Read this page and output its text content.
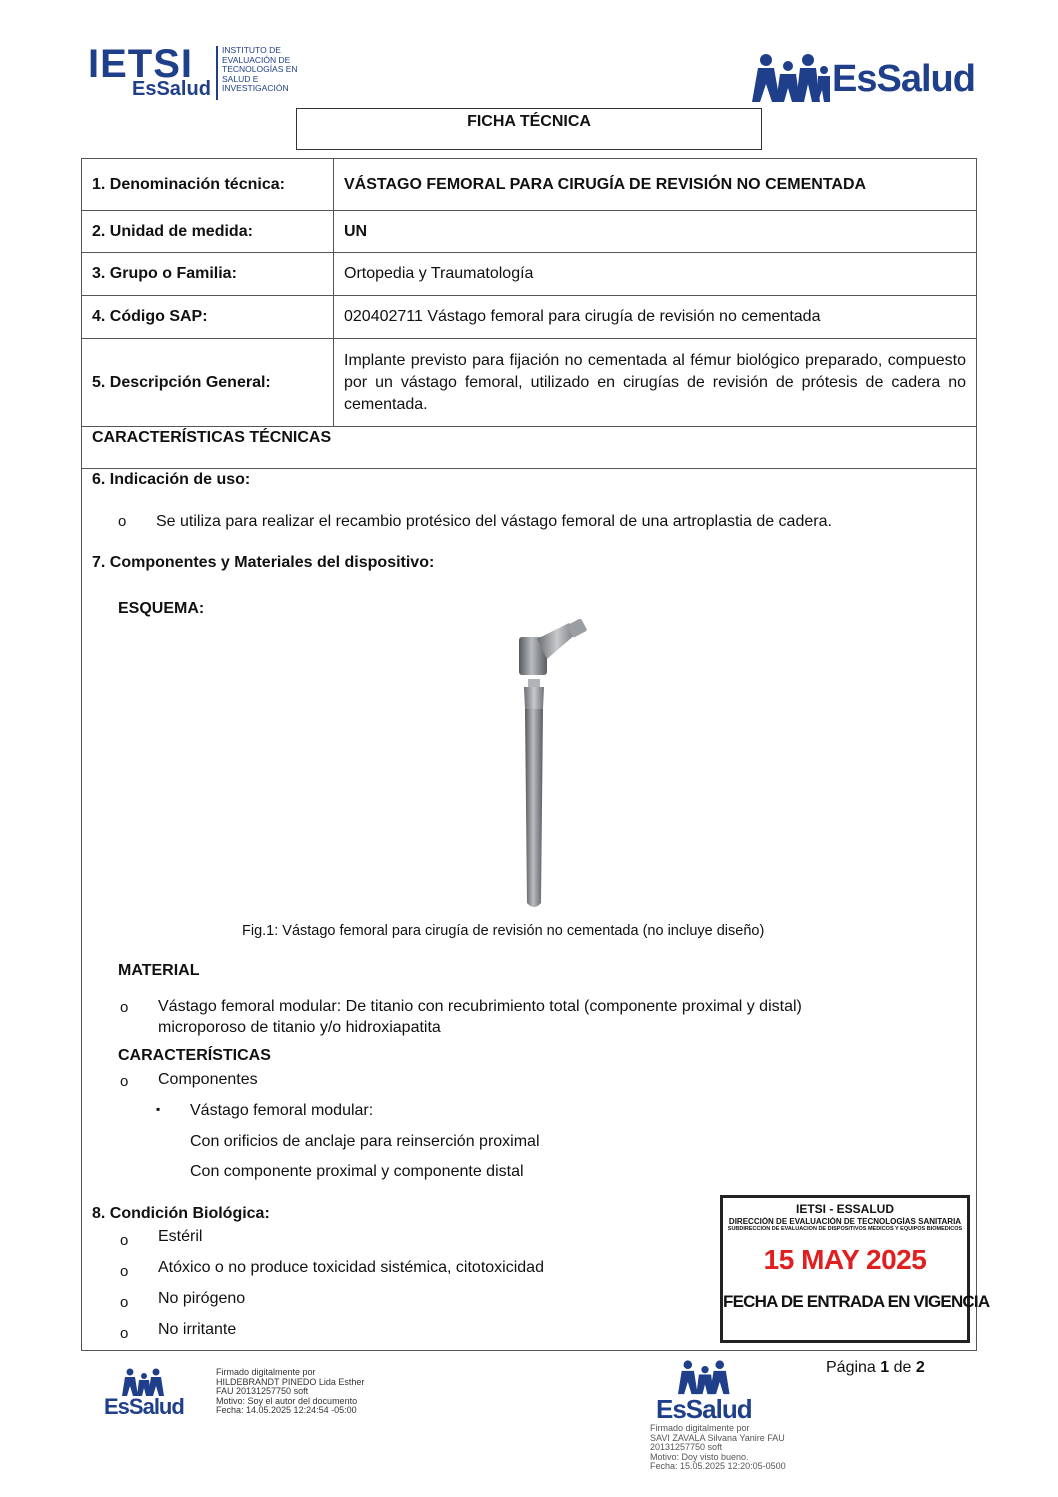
IETSI
EsSalud
INSTITUTO DE
EVALUACIÓN DE
TECNOLOGÍAS EN
SALUD E
INVESTIGACIÓN	EsSalud
FICHA TÉCNICA
1. Denominación técnica:	VÁSTAGO FEMORAL PARA CIRUGÍA DE REVISIÓN NO CEMENTADA
2. Unidad de medida:	UN
3. Grupo o Familia:	Ortopedia y Traumatología
4. Código SAP:	020402711 Vástago femoral para cirugía de revisión no cementada
5. Descripción General:
Implante previsto para fijación no cementada al fémur biológico preparado, compuesto por un vástago femoral, utilizado en cirugías de revisión de prótesis de cadera no cementada.
CARACTERÍSTICAS TÉCNICAS
6. Indicación de uso:
o Se utiliza para realizar el recambio protésico del vástago femoral de una artroplastia de cadera.
7. Componentes y Materiales del dispositivo:
ESQUEMA:
Fig.1: Vástago femoral para cirugía de revisión no cementada (no incluye diseño)
MATERIAL
o Vástago femoral modular: De titanio con recubrimiento total (componente proximal y distal)
microporoso de titanio y/o hidroxiapatita
CARACTERÍSTICAS
o Componentes
▪ Vástago femoral modular:
Con orificios de anclaje para reinserción proximal
Con componente proximal y componente distal
8. Condición Biológica:
o Estéril
o Atóxico o no produce toxicidad sistémica, citotoxicidad
o No pirógeno
o No irritante
IETSI - ESSALUD
DIRECCIÓN DE EVALUACIÓN DE TECNOLOGÍAS SANITARIA
SUBDIRECCIÓN DE EVALUACIÓN DE DISPOSITIVOS MÉDICOS Y EQUIPOS BIOMÉDICOS
15 MAY 2025
FECHA DE ENTRADA EN VIGENCIA
EsSalud
Firmado digitalmente por
HILDEBRANDT PINEDO Lida Esther
FAU 20131257750 soft
Motivo: Soy el autor del documento
Fecha: 14.05.2025 12:24:54 -05:00	EsSalud
Firmado digitalmente por
SAVI ZAVALA Silvana Yanire FAU
20131257750 soft
Motivo: Doy visto bueno.
Fecha: 15.05.2025 12:20:05-0500
Página 1 de 2
